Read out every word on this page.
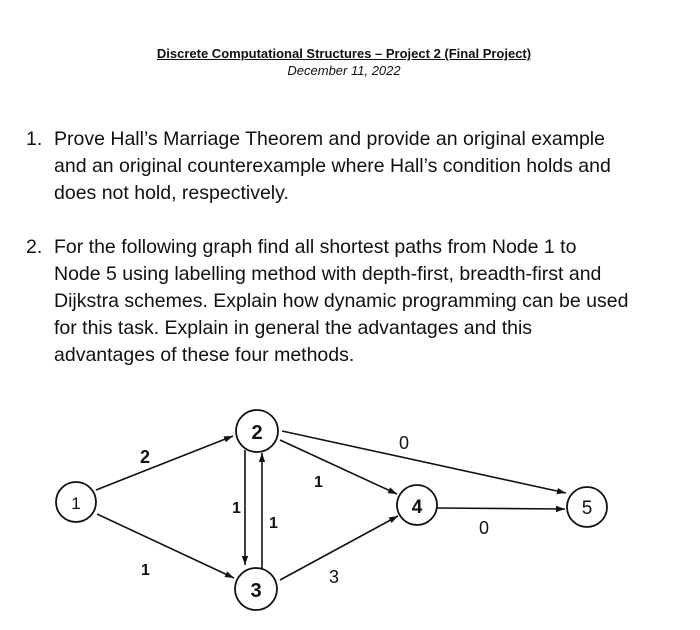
Discrete Computational Structures – Project 2 (Final Project)
December 11, 2022
1. Prove Hall’s Marriage Theorem and provide an original example
and an original counterexample where Hall’s condition holds and
does not hold, respectively.
2. For the following graph find all shortest paths from Node 1 to
Node 5 using labelling method with depth-first, breadth-first and
Dijkstra schemes. Explain how dynamic programming can be used
for this task. Explain in general the advantages and this
advantages of these four methods.
2
1
1
1
1
0
3
0
1
2
3
4	5
